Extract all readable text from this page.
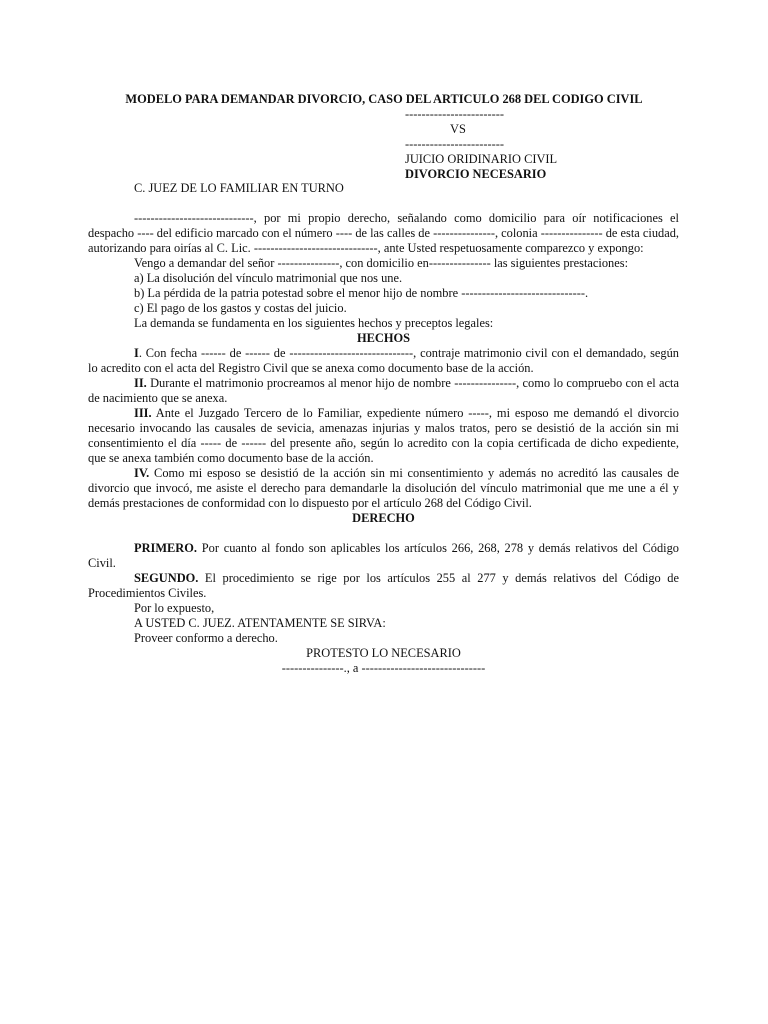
MODELO PARA DEMANDAR DIVORCIO, CASO DEL ARTICULO 268 DEL CODIGO CIVIL
------------------------
VS
------------------------
JUICIO ORIDINARIO CIVIL
DIVORCIO NECESARIO
C. JUEZ DE LO FAMILIAR EN TURNO

-----------------------------, por mi propio derecho, señalando como domicilio para oír notificaciones el despacho ---- del edificio marcado con el número ---- de las calles de ---------------, colonia --------------- de esta ciudad, autorizando para oirías al C. Lic. ------------------------------, ante Usted respetuosamente comparezco y expongo:

Vengo a demandar del señor ---------------, con domicilio en--------------- las siguientes prestaciones:

a) La disolución del vínculo matrimonial que nos une.

b) La pérdida de la patria potestad sobre el menor hijo de nombre ------------------------------.

c) El pago de los gastos y costas del juicio.

La demanda se fundamenta en los siguientes hechos y preceptos legales:

HECHOS

I. Con fecha ------ de ------ de ------------------------------, contraje matrimonio civil con el demandado, según lo acredito con el acta del Registro Civil que se anexa como documento base de la acción.

II. Durante el matrimonio procreamos al menor hijo de nombre ---------------, como lo compruebo con el acta de nacimiento que se anexa.

III. Ante el Juzgado Tercero de lo Familiar, expediente número -----, mi esposo me demandó el divorcio necesario invocando las causales de sevicia, amenazas injurias y malos tratos, pero se desistió de la acción sin mi consentimiento el día ----- de ------ del presente año, según lo acredito con la copia certificada de dicho expediente, que se anexa también como documento base de la acción.

IV. Como mi esposo se desistió de la acción sin mi consentimiento y además no acreditó las causales de divorcio que invocó, me asiste el derecho para demandarle la disolución del vínculo matrimonial que me une a él y demás prestaciones de conformidad con lo dispuesto por el artículo 268 del Código Civil.

DERECHO

PRIMERO. Por cuanto al fondo son aplicables los artículos 266, 268, 278 y demás relativos del Código Civil.

SEGUNDO. El procedimiento se rige por los artículos 255 al 277 y demás relativos del Código de Procedimientos Civiles.

Por lo expuesto,

A USTED C. JUEZ. ATENTAMENTE SE SIRVA:

Proveer conformo a derecho.

PROTESTO LO NECESARIO

---------------., a ------------------------------
